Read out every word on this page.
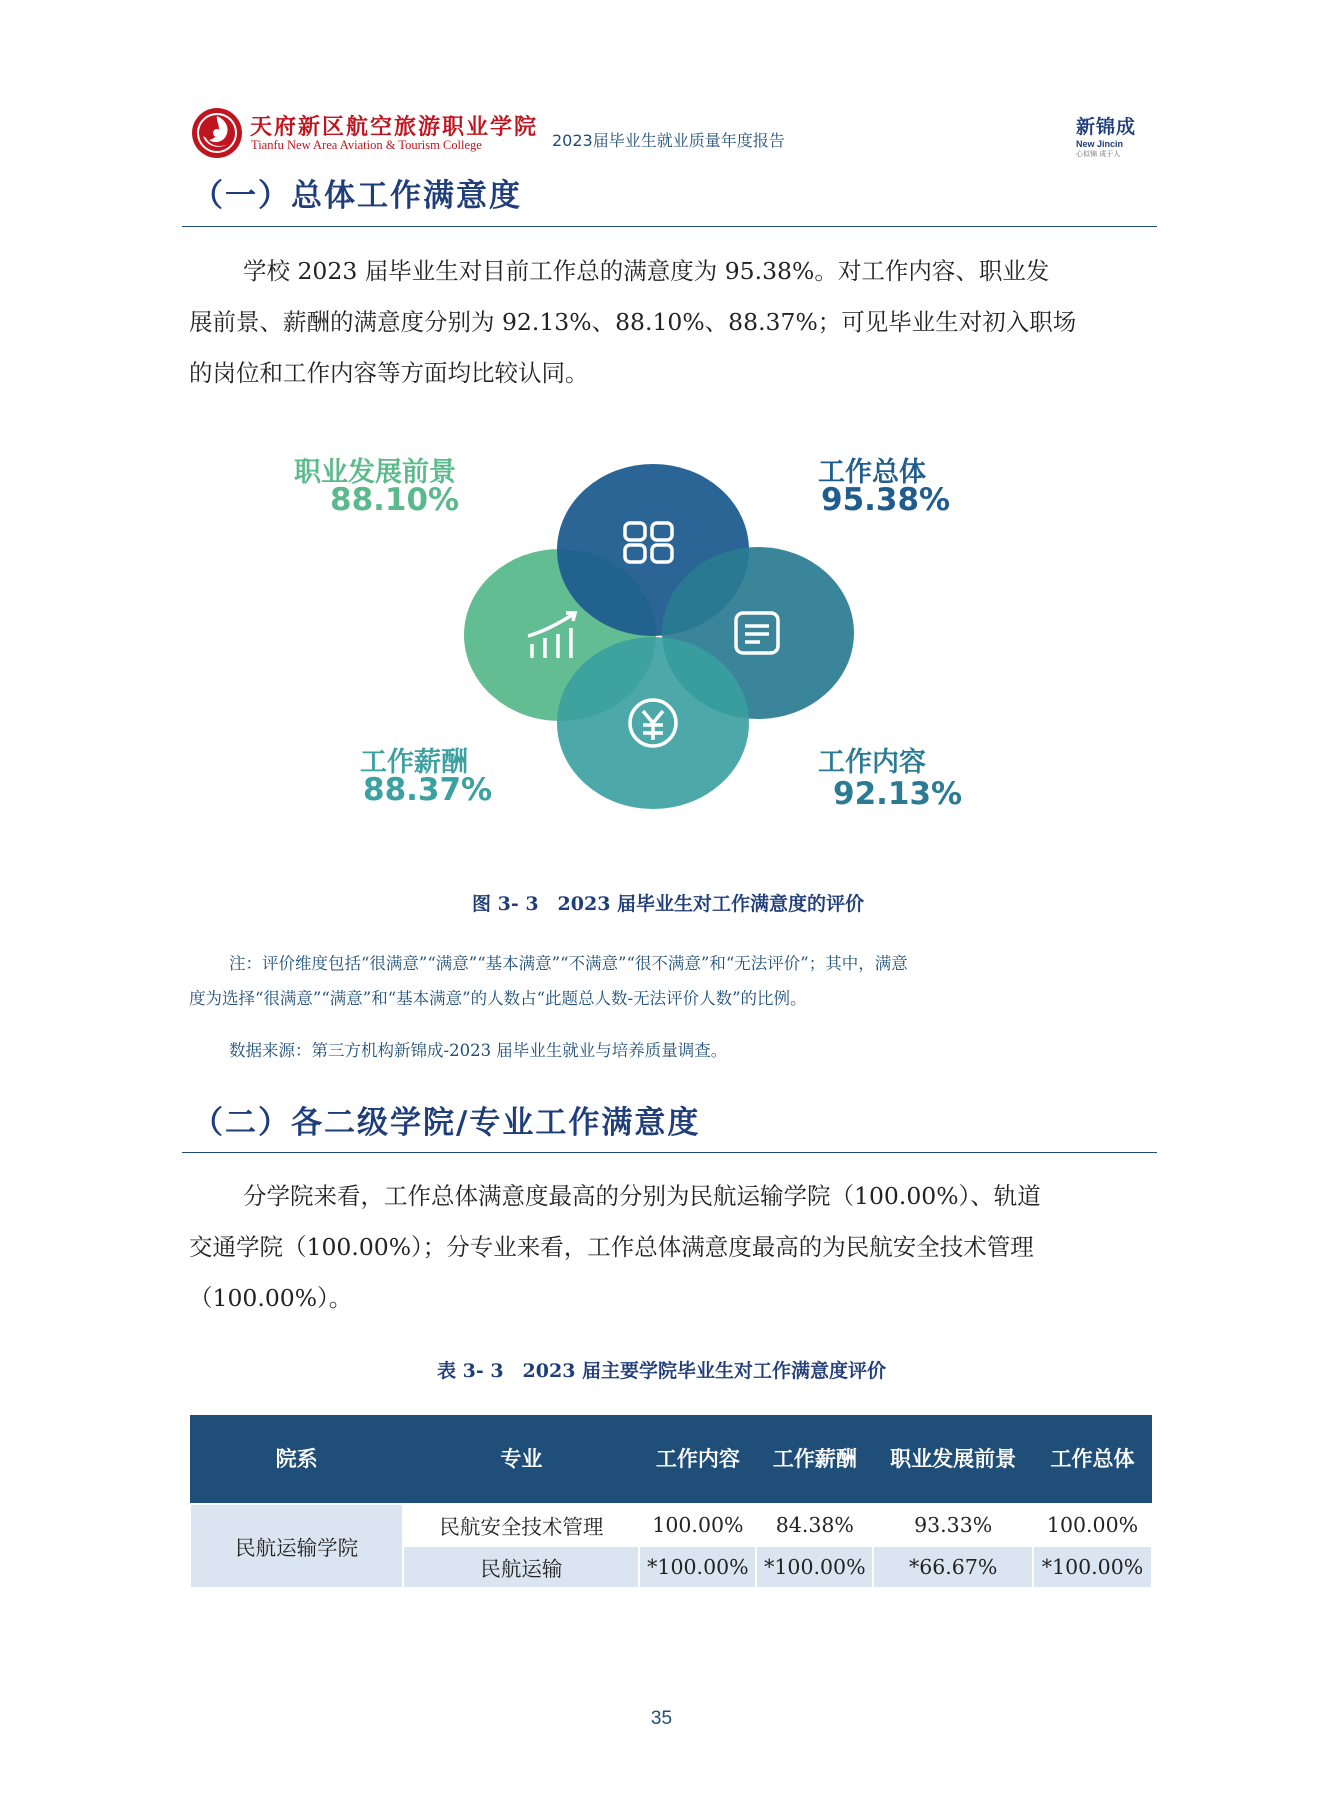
天府新区航空旅游职业学院
Tianfu New Area Aviation & Tourism College	2023届毕业生就业质量年度报告
新锦成
New Jincin
心似锦 成于人
（一）总体工作满意度
学校 2023 届毕业生对目前工作总的满意度为 95.38%。对工作内容、职业发
展前景、薪酬的满意度分别为 92.13%、88.10%、88.37%；可见毕业生对初入职场
的岗位和工作内容等方面均比较认同。
职业发展前景
88.10%
工作总体
95.38%
工作薪酬
88.37%
工作内容
92.13%
图 3- 3　2023 届毕业生对工作满意度的评价
注：评价维度包括“很满意”“满意”“基本满意”“不满意”“很不满意”和“无法评价”；其中，满意
度为选择“很满意”“满意”和“基本满意”的人数占“此题总人数-无法评价人数”的比例。
数据来源：第三方机构新锦成-2023 届毕业生就业与培养质量调查。
（二）各二级学院/专业工作满意度
分学院来看，工作总体满意度最高的分别为民航运输学院（100.00%）、轨道
交通学院（100.00%）；分专业来看，工作总体满意度最高的为民航安全技术管理
（100.00%）。
表 3- 3　2023 届主要学院毕业生对工作满意度评价
院系	专业	工作内容	工作薪酬	职业发展前景	工作总体
民航运输学院	民航安全技术管理	100.00%	84.38%	93.33%	100.00%
	民航运输	*100.00%	*100.00%	*66.67%	*100.00%
35
